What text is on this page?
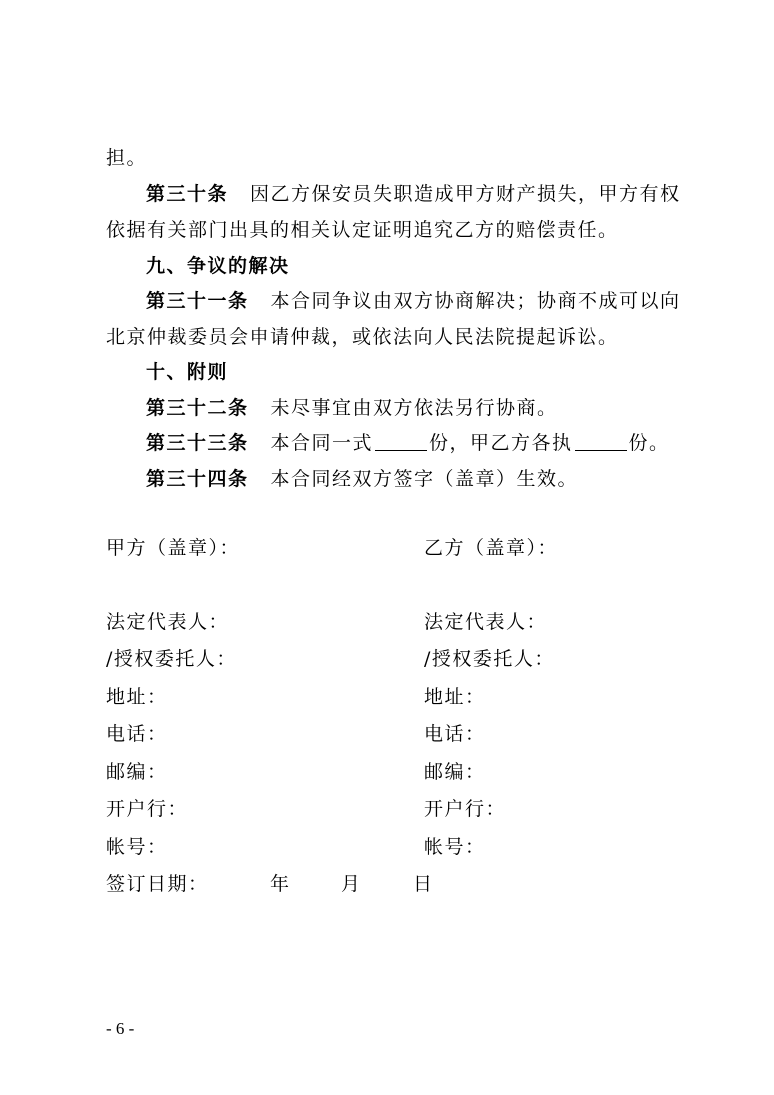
担。
第三十条 因乙方保安员失职造成甲方财产损失，甲方有权
依据有关部门出具的相关认定证明追究乙方的赔偿责任。
九、争议的解决
第三十一条 本合同争议由双方协商解决；协商不成可以向
北京仲裁委员会申请仲裁，或依法向人民法院提起诉讼。
十、附则
第三十二条 未尽事宜由双方依法另行协商。
第三十三条 本合同一式	份，甲乙方各执	份。
第三十四条 本合同经双方签字（盖章）生效。
甲方（盖章）：	乙方（盖章）：
法定代表人：	法定代表人：
/授权委托人：	/授权委托人：
地址：	地址：
电话：	电话：
邮编：	邮编：
开户行：	开户行：
帐号：	帐号：
签订日期：	年	月	日
- 6 -
